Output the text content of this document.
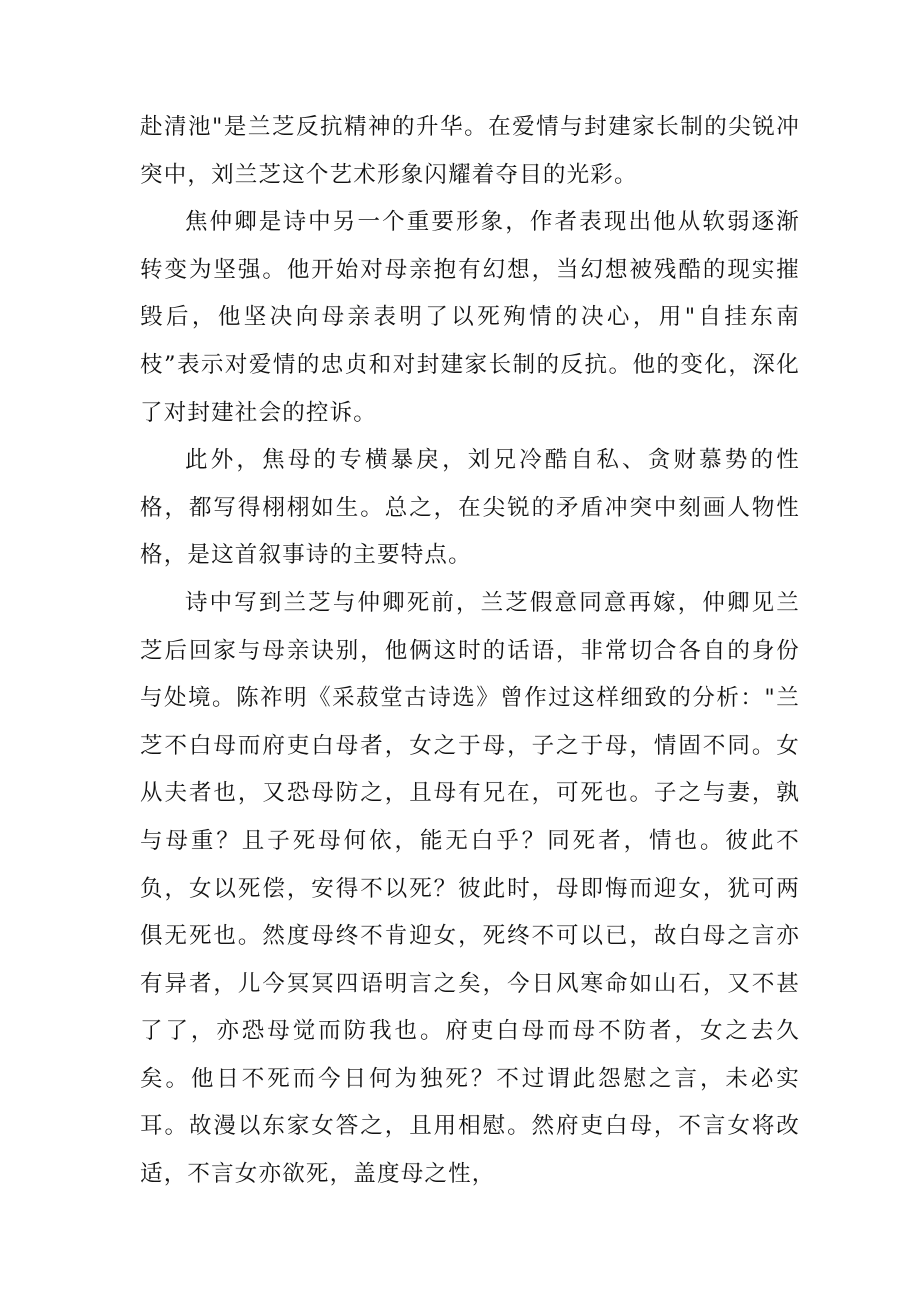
赴清池"是兰芝反抗精神的升华。在爱情与封建家长制的尖锐冲突中，刘兰芝这个艺术形象闪耀着夺目的光彩。

焦仲卿是诗中另一个重要形象，作者表现出他从软弱逐渐转变为坚强。他开始对母亲抱有幻想，当幻想被残酷的现实摧毁后，他坚决向母亲表明了以死殉情的决心，用"自挂东南枝”表示对爱情的忠贞和对封建家长制的反抗。他的变化，深化了对封建社会的控诉。

此外，焦母的专横暴戾，刘兄冷酷自私、贪财慕势的性格，都写得栩栩如生。总之，在尖锐的矛盾冲突中刻画人物性格，是这首叙事诗的主要特点。

诗中写到兰芝与仲卿死前，兰芝假意同意再嫁，仲卿见兰芝后回家与母亲诀别，他俩这时的话语，非常切合各自的身份与处境。陈祚明《采菽堂古诗选》曾作过这样细致的分析："兰芝不白母而府吏白母者，女之于母，子之于母，情固不同。女从夫者也，又恐母防之，且母有兄在，可死也。子之与妻，孰与母重？且子死母何依，能无白乎？同死者，情也。彼此不负，女以死偿，安得不以死？彼此时，母即悔而迎女，犹可两俱无死也。然度母终不肯迎女，死终不可以已，故白母之言亦有异者，儿今冥冥四语明言之矣，今日风寒命如山石，又不甚了了，亦恐母觉而防我也。府吏白母而母不防者，女之去久矣。他日不死而今日何为独死？不过谓此怨慰之言，未必实耳。故漫以东家女答之，且用相慰。然府吏白母，不言女将改适，不言女亦欲死，盖度母之性，
